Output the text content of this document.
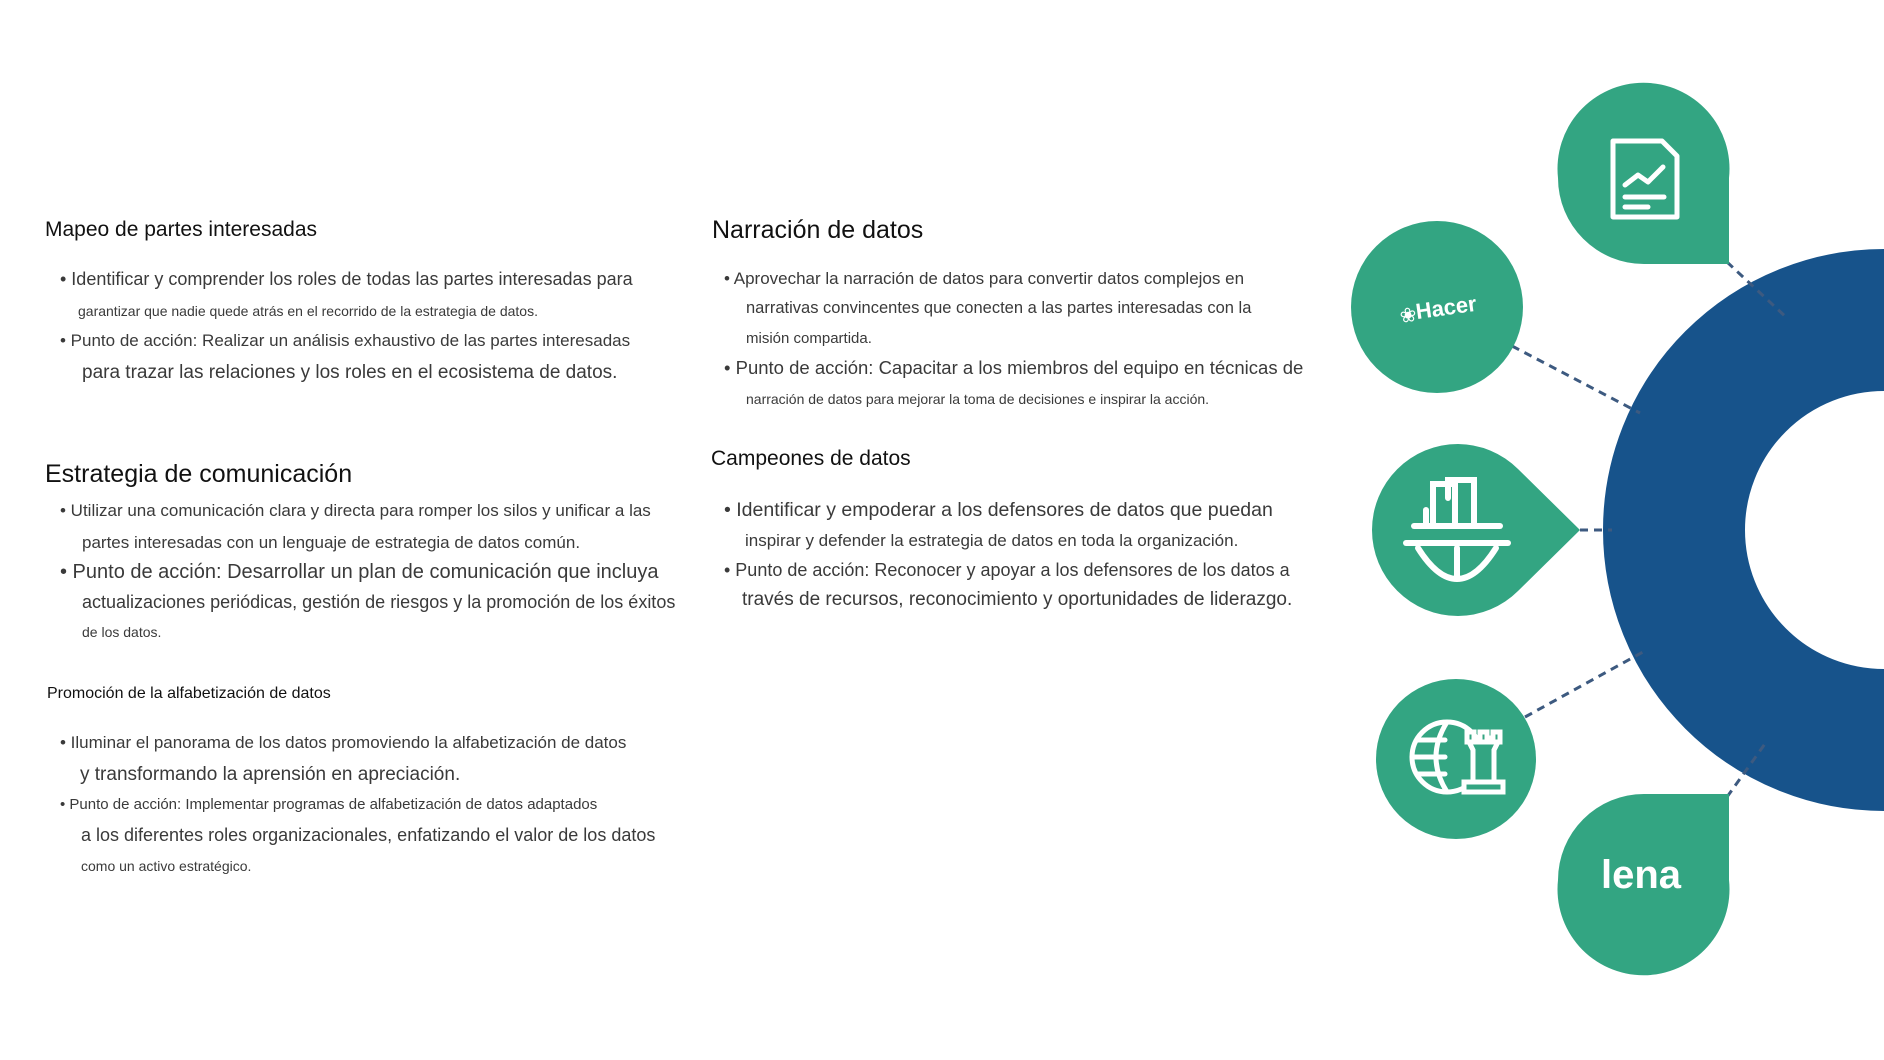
Mapeo de partes interesadas
• Identificar y comprender los roles de todas las partes interesadas para
garantizar que nadie quede atrás en el recorrido de la estrategia de datos.
• Punto de acción: Realizar un análisis exhaustivo de las partes interesadas
para trazar las relaciones y los roles en el ecosistema de datos.
Estrategia de comunicación
• Utilizar una comunicación clara y directa para romper los silos y unificar a las
partes interesadas con un lenguaje de estrategia de datos común.
• Punto de acción: Desarrollar un plan de comunicación que incluya
actualizaciones periódicas, gestión de riesgos y la promoción de los éxitos
de los datos.
Promoción de la alfabetización de datos
• Iluminar el panorama de los datos promoviendo la alfabetización de datos
y transformando la aprensión en apreciación.
• Punto de acción: Implementar programas de alfabetización de datos adaptados
a los diferentes roles organizacionales, enfatizando el valor de los datos
como un activo estratégico.
Narración de datos
• Aprovechar la narración de datos para convertir datos complejos en
narrativas convincentes que conecten a las partes interesadas con la
misión compartida.
• Punto de acción: Capacitar a los miembros del equipo en técnicas de
narración de datos para mejorar la toma de decisiones e inspirar la acción.
Campeones de datos
• Identificar y empoderar a los defensores de datos que puedan
inspirar y defender la estrategia de datos en toda la organización.
• Punto de acción: Reconocer y apoyar a los defensores de los datos a
través de recursos, reconocimiento y oportunidades de liderazgo.
Hacer
❀
lena
